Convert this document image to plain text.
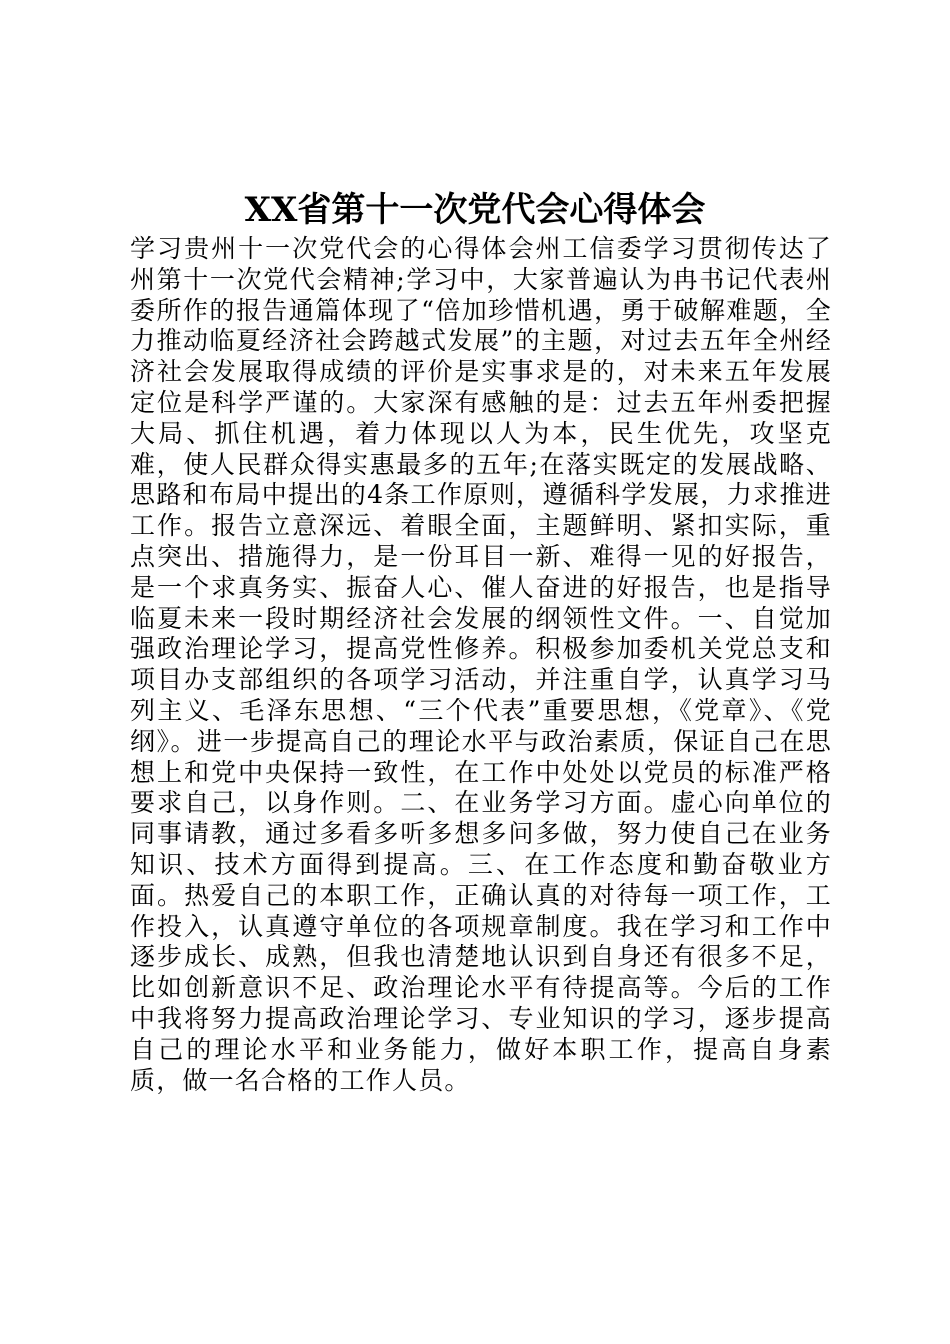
XX省第十一次党代会心得体会

学习贵州十一次党代会的心得体会州工信委学习贯彻传达了州第十一次党代会精神;学习中，大家普遍认为冉书记代表州委所作的报告通篇体现了“倍加珍惜机遇，勇于破解难题，全力推动临夏经济社会跨越式发展”的主题，对过去五年全州经济社会发展取得成绩的评价是实事求是的，对未来五年发展定位是科学严谨的。大家深有感触的是：过去五年州委把握大局、抓住机遇，着力体现以人为本，民生优先，攻坚克难，使人民群众得实惠最多的五年;在落实既定的发展战略、思路和布局中提出的4条工作原则，遵循科学发展，力求推进工作。报告立意深远、着眼全面，主题鲜明、紧扣实际，重点突出、措施得力，是一份耳目一新、难得一见的好报告，是一个求真务实、振奋人心、催人奋进的好报告，也是指导临夏未来一段时期经济社会发展的纲领性文件。一、自觉加强政治理论学习，提高党性修养。积极参加委机关党总支和项目办支部组织的各项学习活动，并注重自学，认真学习马列主义、毛泽东思想、“三个代表”重要思想，《党章》、《党纲》。进一步提高自己的理论水平与政治素质，保证自己在思想上和党中央保持一致性，在工作中处处以党员的标准严格要求自己，以身作则。二、在业务学习方面。虚心向单位的同事请教，通过多看多听多想多问多做，努力使自己在业务知识、技术方面得到提高。三、在工作态度和勤奋敬业方面。热爱自己的本职工作，正确认真的对待每一项工作，工作投入，认真遵守单位的各项规章制度。我在学习和工作中逐步成长、成熟，但我也清楚地认识到自身还有很多不足，比如创新意识不足、政治理论水平有待提高等。今后的工作中我将努力提高政治理论学习、专业知识的学习，逐步提高自己的理论水平和业务能力，做好本职工作，提高自身素质，做一名合格的工作人员。
